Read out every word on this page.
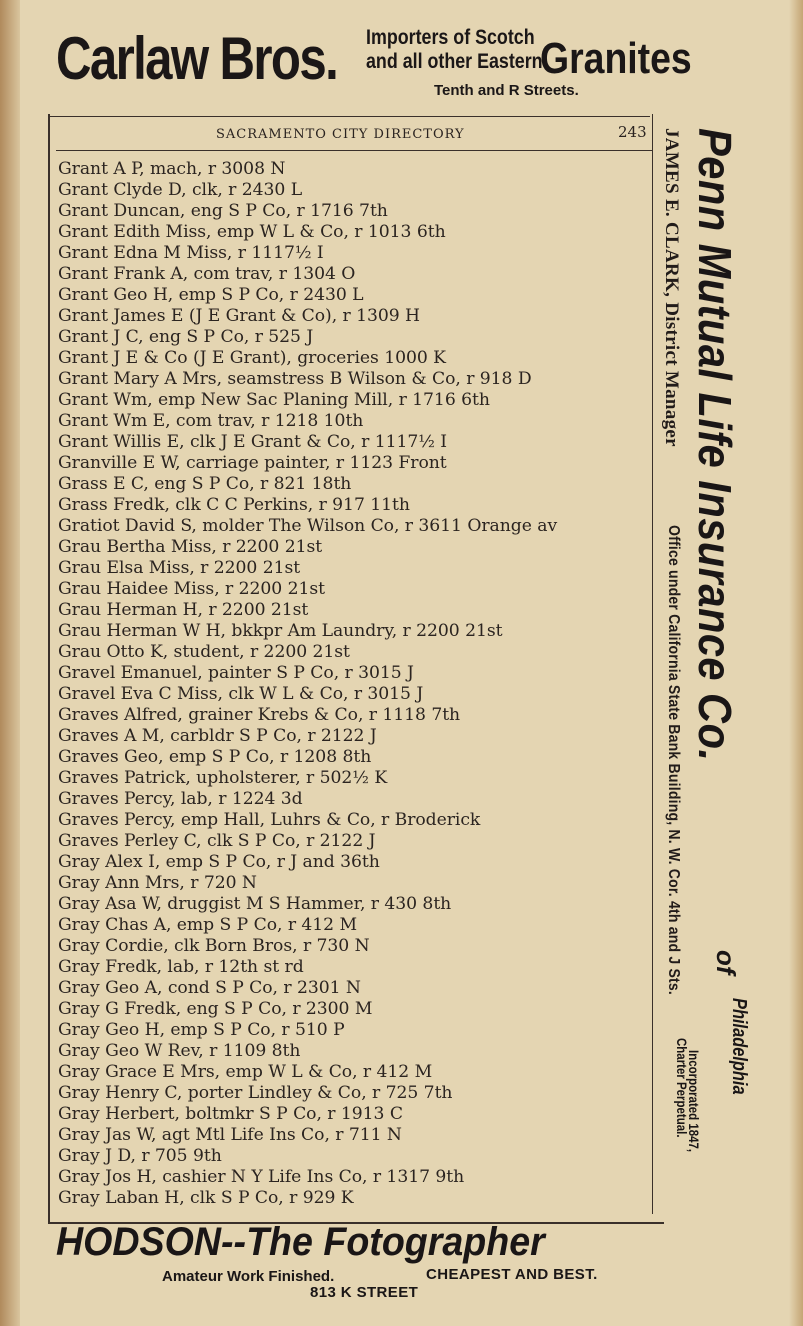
Carlaw Bros. Importers of Scotch
and all other Eastern
Granites
Tenth and R Streets.
SACRAMENTO CITY DIRECTORY	243
Grant A P, mach, r 3008 N
Grant Clyde D, clk, r 2430 L
Grant Duncan, eng S P Co, r 1716 7th
Grant Edith Miss, emp W L & Co, r 1013 6th
Grant Edna M Miss, r 1117½ I
Grant Frank A, com trav, r 1304 O
Grant Geo H, emp S P Co, r 2430 L
Grant James E (J E Grant & Co), r 1309 H
Grant J C, eng S P Co, r 525 J
Grant J E & Co (J E Grant), groceries 1000 K
Grant Mary A Mrs, seamstress B Wilson & Co, r 918 D
Grant Wm, emp New Sac Planing Mill, r 1716 6th
Grant Wm E, com trav, r 1218 10th
Grant Willis E, clk J E Grant & Co, r 1117½ I
Granville E W, carriage painter, r 1123 Front
Grass E C, eng S P Co, r 821 18th
Grass Fredk, clk C C Perkins, r 917 11th
Gratiot David S, molder The Wilson Co, r 3611 Orange av
Grau Bertha Miss, r 2200 21st
Grau Elsa Miss, r 2200 21st
Grau Haidee Miss, r 2200 21st
Grau Herman H, r 2200 21st
Grau Herman W H, bkkpr Am Laundry, r 2200 21st
Grau Otto K, student, r 2200 21st
Gravel Emanuel, painter S P Co, r 3015 J
Gravel Eva C Miss, clk W L & Co, r 3015 J
Graves Alfred, grainer Krebs & Co, r 1118 7th
Graves A M, carbldr S P Co, r 2122 J
Graves Geo, emp S P Co, r 1208 8th
Graves Patrick, upholsterer, r 502½ K
Graves Percy, lab, r 1224 3d
Graves Percy, emp Hall, Luhrs & Co, r Broderick
Graves Perley C, clk S P Co, r 2122 J
Gray Alex I, emp S P Co, r J and 36th
Gray Ann Mrs, r 720 N
Gray Asa W, druggist M S Hammer, r 430 8th
Gray Chas A, emp S P Co, r 412 M
Gray Cordie, clk Born Bros, r 730 N
Gray Fredk, lab, r 12th st rd
Gray Geo A, cond S P Co, r 2301 N
Gray G Fredk, eng S P Co, r 2300 M
Gray Geo H, emp S P Co, r 510 P
Gray Geo W Rev, r 1109 8th
Gray Grace E Mrs, emp W L & Co, r 412 M
Gray Henry C, porter Lindley & Co, r 725 7th
Gray Herbert, boltmkr S P Co, r 1913 C
Gray Jas W, agt Mtl Life Ins Co, r 711 N
Gray J D, r 705 9th
Gray Jos H, cashier N Y Life Ins Co, r 1317 9th
Gray Laban H, clk S P Co, r 929 K
Penn Mutual Life Insurance Co.
of
Philadelphia
Incorporated 1847,
Charter Perpetual.
JAMES E. CLARK, District Manager
Office under California State Bank Building, N. W. Cor. 4th and J Sts.
HODSON--The Fotographer
Amateur Work Finished.	CHEAPEST AND BEST.
813 K STREET
